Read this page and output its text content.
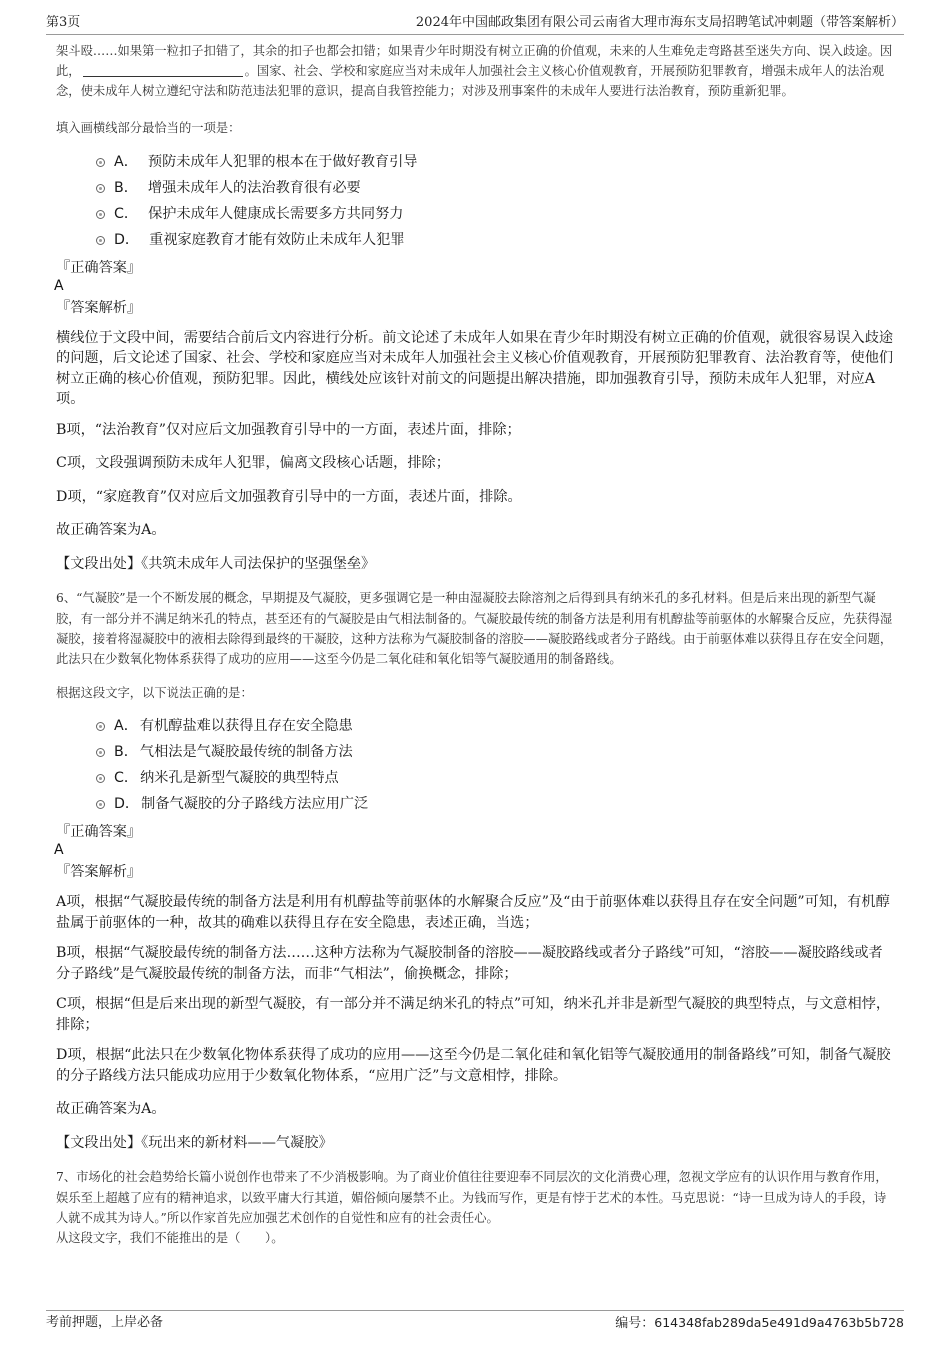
第3页	2024年中国邮政集团有限公司云南省大理市海东支局招聘笔试冲刺题（带答案解析）

架斗殴……如果第一粒扣子扣错了，其余的扣子也都会扣错；如果青少年时期没有树立正确的价值观，未来的人生难免走弯路甚至迷失方向、误入歧途。因此，	。国家、社会、学校和家庭应当对未成年人加强社会主义核心价值观教育，开展预防犯罪教育，增强未成年人的法治观念，使未成年人树立遵纪守法和防范违法犯罪的意识，提高自我管控能力；对涉及刑事案件的未成年人要进行法治教育，预防重新犯罪。

填入画横线部分最恰当的一项是：

A． 预防未成年人犯罪的根本在于做好教育引导
B． 增强未成年人的法治教育很有必要
C． 保护未成年人健康成长需要多方共同努力
D． 重视家庭教育才能有效防止未成年人犯罪

『正确答案』

A

『答案解析』

横线位于文段中间，需要结合前后文内容进行分析。前文论述了未成年人如果在青少年时期没有树立正确的价值观，就很容易误入歧途的问题，后文论述了国家、社会、学校和家庭应当对未成年人加强社会主义核心价值观教育，开展预防犯罪教育、法治教育等，使他们树立正确的核心价值观，预防犯罪。因此，横线处应该针对前文的问题提出解决措施，即加强教育引导，预防未成年人犯罪，对应A项。

B项，“法治教育”仅对应后文加强教育引导中的一方面，表述片面，排除；

C项，文段强调预防未成年人犯罪，偏离文段核心话题，排除；

D项，“家庭教育”仅对应后文加强教育引导中的一方面，表述片面，排除。

故正确答案为A。

【文段出处】《共筑未成年人司法保护的坚强堡垒》

6、“气凝胶”是一个不断发展的概念，早期提及气凝胶，更多强调它是一种由湿凝胶去除溶剂之后得到具有纳米孔的多孔材料。但是后来出现的新型气凝胶，有一部分并不满足纳米孔的特点，甚至还有的气凝胶是由气相法制备的。气凝胶最传统的制备方法是利用有机醇盐等前驱体的水解聚合反应，先获得湿凝胶，接着将湿凝胶中的液相去除得到最终的干凝胶，这种方法称为气凝胶制备的溶胶——凝胶路线或者分子路线。由于前驱体难以获得且存在安全问题，此法只在少数氧化物体系获得了成功的应用——这至今仍是二氧化硅和氧化铝等气凝胶通用的制备路线。

根据这段文字，以下说法正确的是：

A． 有机醇盐难以获得且存在安全隐患
B． 气相法是气凝胶最传统的制备方法
C． 纳米孔是新型气凝胶的典型特点
D． 制备气凝胶的分子路线方法应用广泛

『正确答案』

A

『答案解析』

A项，根据“气凝胶最传统的制备方法是利用有机醇盐等前驱体的水解聚合反应”及“由于前驱体难以获得且存在安全问题”可知，有机醇盐属于前驱体的一种，故其的确难以获得且存在安全隐患，表述正确，当选；

B项，根据“气凝胶最传统的制备方法……这种方法称为气凝胶制备的溶胶——凝胶路线或者分子路线”可知，“溶胶——凝胶路线或者分子路线”是气凝胶最传统的制备方法，而非“气相法”，偷换概念，排除；

C项，根据“但是后来出现的新型气凝胶，有一部分并不满足纳米孔的特点”可知，纳米孔并非是新型气凝胶的典型特点，与文意相悖，排除；

D项，根据“此法只在少数氧化物体系获得了成功的应用——这至今仍是二氧化硅和氧化铝等气凝胶通用的制备路线”可知，制备气凝胶的分子路线方法只能成功应用于少数氧化物体系，“应用广泛”与文意相悖，排除。

故正确答案为A。

【文段出处】《玩出来的新材料——气凝胶》

7、市场化的社会趋势给长篇小说创作也带来了不少消极影响。为了商业价值往往要迎奉不同层次的文化消费心理，忽视文学应有的认识作用与教育作用，娱乐至上超越了应有的精神追求，以致平庸大行其道，媚俗倾向屡禁不止。为钱而写作，更是有悖于艺术的本性。马克思说：“诗一旦成为诗人的手段，诗人就不成其为诗人。”所以作家首先应加强艺术创作的自觉性和应有的社会责任心。

从这段文字，我们不能推出的是（　　）。

考前押题，上岸必备	编号：614348fab289da5e491d9a4763b5b728
